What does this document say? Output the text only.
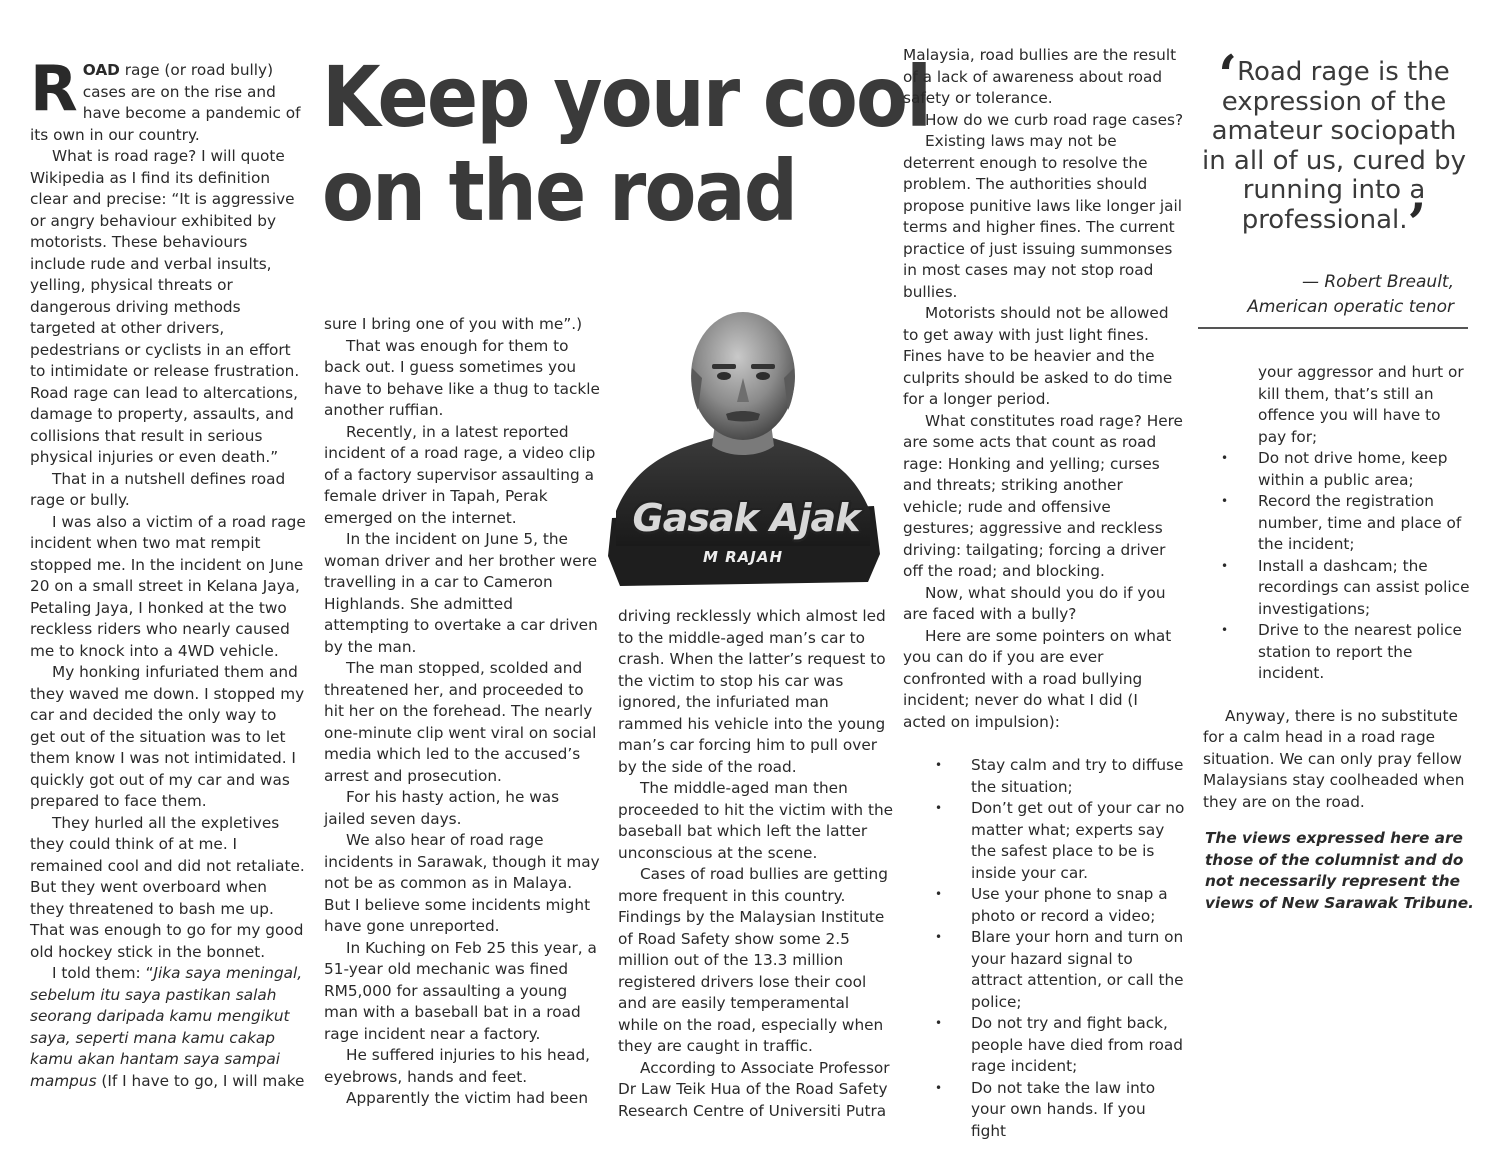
ROAD rage (or road bully) cases are on the rise and have become a pandemic of its own in our country.

What is road rage? I will quote Wikipedia as I find its definition clear and precise: “It is aggressive or angry behaviour exhibited by motorists. These behaviours include rude and verbal insults, yelling, physical threats or dangerous driving methods targeted at other drivers, pedestrians or cyclists in an effort to intimidate or release frustration. Road rage can lead to altercations, damage to property, assaults, and collisions that result in serious physical injuries or even death.”

That in a nutshell defines road rage or bully.

I was also a victim of a road rage incident when two mat rempit stopped me. In the incident on June 20 on a small street in Kelana Jaya, Petaling Jaya, I honked at the two reckless riders who nearly caused me to knock into a 4WD vehicle.

My honking infuriated them and they waved me down. I stopped my car and decided the only way to get out of the situation was to let them know I was not intimidated. I quickly got out of my car and was prepared to face them.

They hurled all the expletives they could think of at me. I remained cool and did not retaliate. But they went overboard when they threatened to bash me up. That was enough to go for my good old hockey stick in the bonnet.

I told them: “Jika saya meningal, sebelum itu saya pastikan salah seorang daripada kamu mengikut saya, seperti mana kamu cakap kamu akan hantam saya sampai mampus (If I have to go, I will make

Keep your cool
on the road

sure I bring one of you with me”.)

That was enough for them to back out. I guess sometimes you have to behave like a thug to tackle another ruffian.

Recently, in a latest reported incident of a road rage, a video clip of a factory supervisor assaulting a female driver in Tapah, Perak emerged on the internet.

In the incident on June 5, the woman driver and her brother were travelling in a car to Cameron Highlands. She admitted attempting to overtake a car driven by the man.

The man stopped, scolded and threatened her, and proceeded to hit her on the forehead. The nearly one-minute clip went viral on social media which led to the accused’s arrest and prosecution.

For his hasty action, he was jailed seven days.

We also hear of road rage incidents in Sarawak, though it may not be as common as in Malaya. But I believe some incidents might have gone unreported.

In Kuching on Feb 25 this year, a 51-year old mechanic was fined RM5,000 for assaulting a young man with a baseball bat in a road rage incident near a factory.

He suffered injuries to his head, eyebrows, hands and feet.

Apparently the victim had been

Gasak Ajak
M RAJAH

driving recklessly which almost led to the middle-aged man’s car to crash. When the latter’s request to the victim to stop his car was ignored, the infuriated man rammed his vehicle into the young man’s car forcing him to pull over by the side of the road.

The middle-aged man then proceeded to hit the victim with the baseball bat which left the latter unconscious at the scene.

Cases of road bullies are getting more frequent in this country. Findings by the Malaysian Institute of Road Safety show some 2.5 million out of the 13.3 million registered drivers lose their cool and are easily temperamental while on the road, especially when they are caught in traffic.

According to Associate Professor Dr Law Teik Hua of the Road Safety Research Centre of Universiti Putra

Malaysia, road bullies are the result of a lack of awareness about road safety or tolerance.

How do we curb road rage cases?

Existing laws may not be deterrent enough to resolve the problem. The authorities should propose punitive laws like longer jail terms and higher fines. The current practice of just issuing summonses in most cases may not stop road bullies.

Motorists should not be allowed to get away with just light fines. Fines have to be heavier and the culprits should be asked to do time for a longer period.

What constitutes road rage? Here are some acts that count as road rage: Honking and yelling; curses and threats; striking another vehicle; rude and offensive gestures; aggressive and reckless driving: tailgating; forcing a driver off the road; and blocking.

Now, what should you do if you are faced with a bully?

Here are some pointers on what you can do if you are ever confronted with a road bullying incident; never do what I did (I acted on impulsion):

• Stay calm and try to diffuse the situation;
• Don’t get out of your car no matter what; experts say the safest place to be is inside your car.
• Use your phone to snap a photo or record a video;
• Blare your horn and turn on your hazard signal to attract attention, or call the police;
• Do not try and fight back, people have died from road rage incident;
• Do not take the law into your own hands. If you fight
‘Road rage is the expression of the amateur sociopath in all of us, cured by running into a professional.’
— Robert Breault,
American operatic tenor
your aggressor and hurt or kill them, that’s still an offence you will have to pay for;
• Do not drive home, keep within a public area;
• Record the registration number, time and place of the incident;
• Install a dashcam; the recordings can assist police investigations;
• Drive to the nearest police station to report the incident.

Anyway, there is no substitute for a calm head in a road rage situation. We can only pray fellow Malaysians stay coolheaded when they are on the road.

The views expressed here are those of the columnist and do not necessarily represent the views of New Sarawak Tribune.
